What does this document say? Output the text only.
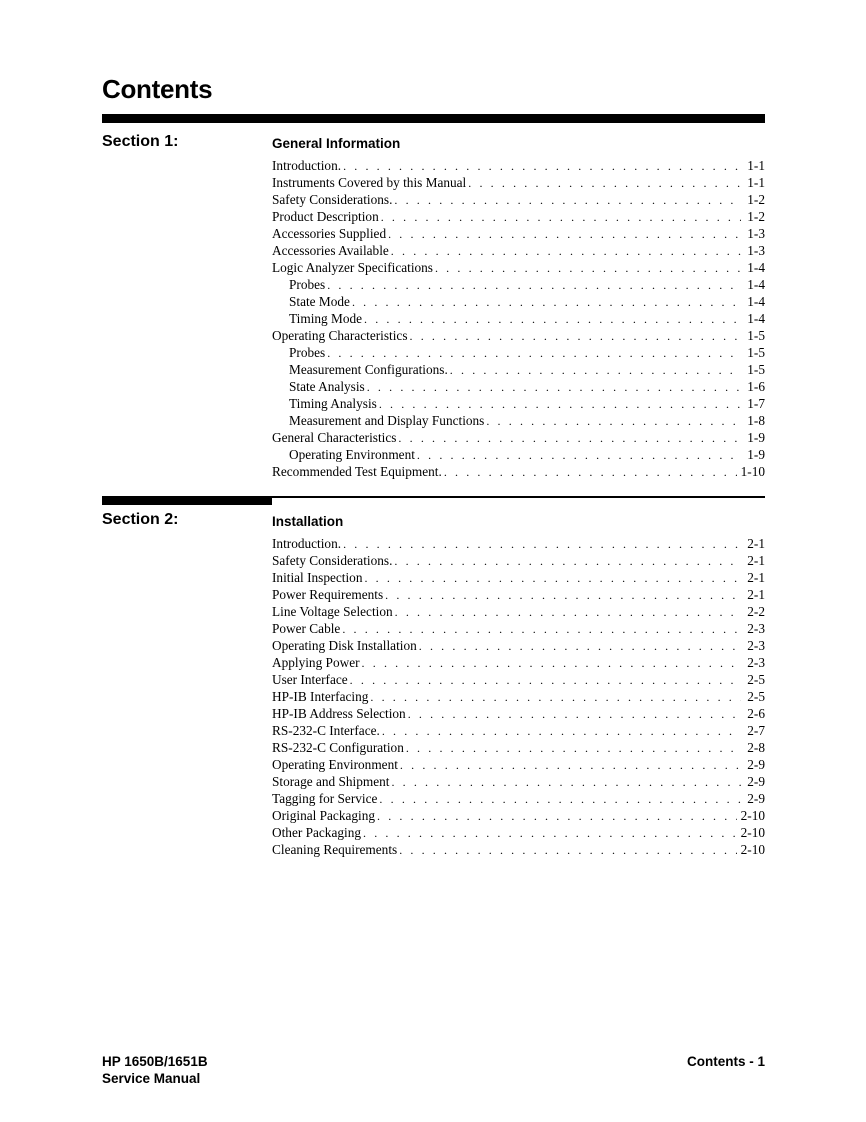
Contents
Section 1:	General Information
Introduction. . . .	1-1
Instruments Covered by this Manual . . .	1-1
Safety Considerations. . . .	1-2
Product Description . . .	1-2
Accessories Supplied . . .	1-3
Accessories Available . . .	1-3
Logic Analyzer Specifications . . .	1-4
Probes . . .	1-4
State Mode . . .	1-4
Timing Mode . . .	1-4
Operating Characteristics . . .	1-5
Probes . . .	1-5
Measurement Configurations. . . .	1-5
State Analysis . . .	1-6
Timing Analysis . . .	1-7
Measurement and Display Functions . . .	1-8
General Characteristics . . .	1-9
Operating Environment . . .	1-9
Recommended Test Equipment. . . .	1-10
Section 2:	Installation
Introduction. . . .	2-1
Safety Considerations. . . .	2-1
Initial Inspection . . .	2-1
Power Requirements . . .	2-1
Line Voltage Selection . . .	2-2
Power Cable . . .	2-3
Operating Disk Installation . . .	2-3
Applying Power . . .	2-3
User Interface . . .	2-5
HP-IB Interfacing . . .	2-5
HP-IB Address Selection . . .	2-6
RS-232-C Interface. . . .	2-7
RS-232-C Configuration . . .	2-8
Operating Environment . . .	2-9
Storage and Shipment . . .	2-9
Tagging for Service . . .	2-9
Original Packaging . . .	2-10
Other Packaging . . .	2-10
Cleaning Requirements . . .	2-10
HP 1650B/1651B
Service Manual
Contents - 1
